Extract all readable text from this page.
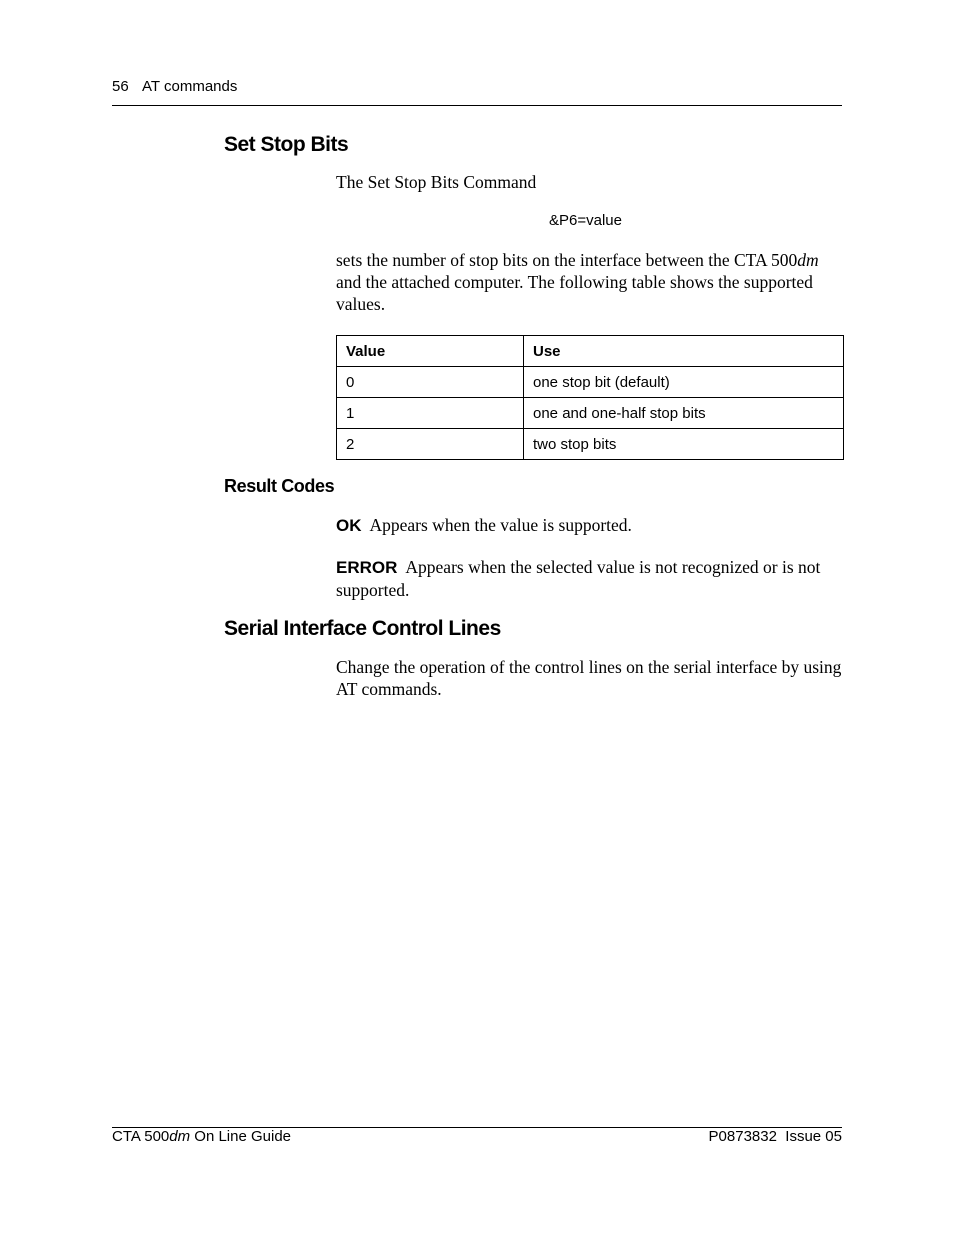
56 AT commands
Set Stop Bits

The Set Stop Bits Command

&P6=value

sets the number of stop bits on the interface between the CTA 500dm and the attached computer. The following table shows the supported values.

Value	Use
0	one stop bit (default)
1	one and one-half stop bits
2	two stop bits
Result Codes

OK Appears when the value is supported.

ERROR Appears when the selected value is not recognized or is not supported.

Serial Interface Control Lines

Change the operation of the control lines on the serial interface by using AT commands.

CTA 500dm On Line Guide	P0873832  Issue 05
